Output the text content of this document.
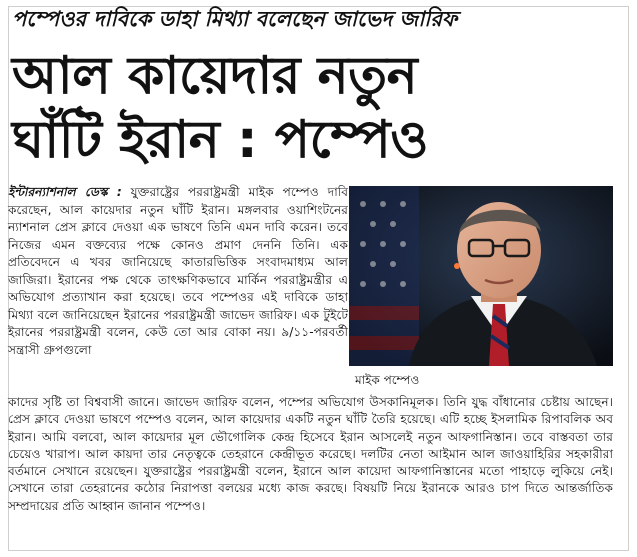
পম্পেওর দাবিকে ডাহা মিথ্যা বলেছেন জাভেদ জারিফ
আল কায়েদার নতুন
ঘাঁটি ইরান : পম্পেও

ইন্টারন্যাশনাল ডেস্ক : যুক্তরাষ্ট্রের পররাষ্ট্রমন্ত্রী মাইক পম্পেও দাবি করেছেন, আল কায়েদার নতুন ঘাঁটি ইরান। মঙ্গলবার ওয়াশিংটনের ন্যাশনাল প্রেস ক্লাবে দেওয়া এক ভাষণে তিনি এমন দাবি করেন। তবে নিজের এমন বক্তব্যের পক্ষে কোনও প্রমাণ দেননি তিনি। এক প্রতিবেদনে এ খবর জানিয়েছে কাতারভিত্তিক সংবাদমাধ্যম আল জাজিরা। ইরানের পক্ষ থেকে তাৎক্ষণিকভাবে মার্কিন পররাষ্ট্রমন্ত্রীর এ অভিযোগ প্রত্যাখান করা হয়েছে। তবে পম্পেওর এই দাবিকে ডাহা মিথ্যা বলে জানিয়েছেন ইরানের পররাষ্ট্রমন্ত্রী জাভেদ জারিফ। এক টুইটে ইরানের পররাষ্ট্রমন্ত্রী বলেন, কেউ তো আর বোকা নয়। ৯/১১-পরবর্তী সন্ত্রাসী গ্রুপগুলো

মাইক পম্পেও

কাদের সৃষ্টি তা বিশ্ববাসী জানে। জাভেদ জারিফ বলেন, পম্পের অভিযোগ উসকানিমূলক। তিনি যুদ্ধ বাঁধানোর চেষ্টায় আছেন। প্রেস ক্লাবে দেওয়া ভাষণে পম্পেও বলেন, আল কায়েদার একটি নতুন ঘাঁটি তৈরি হয়েছে। এটি হচ্ছে ইসলামিক রিপাবলিক অব ইরান। আমি বলবো, আল কায়েদার মূল ভৌগোলিক কেন্দ্র হিসেবে ইরান আসলেই নতুন আফগানিস্তান। তবে বাস্তবতা তার চেয়েও খারাপ। আল কায়দা তার নেতৃত্বকে তেহরানে কেন্দ্রীভূত করেছে। দলটির নেতা আইমান আল জাওয়াহিরির সহকারীরা বর্তমানে সেখানে রয়েছেন। যুক্তরাষ্ট্রের পররাষ্ট্রমন্ত্রী বলেন, ইরানে আল কায়েদা আফগানিস্তানের মতো পাহাড়ে লুকিয়ে নেই। সেখানে তারা তেহরানের কঠোর নিরাপত্তা বলয়ের মধ্যে কাজ করছে। বিষয়টি নিয়ে ইরানকে আরও চাপ দিতে আন্তর্জাতিক সম্প্রদায়ের প্রতি আহ্বান জানান পম্পেও।
